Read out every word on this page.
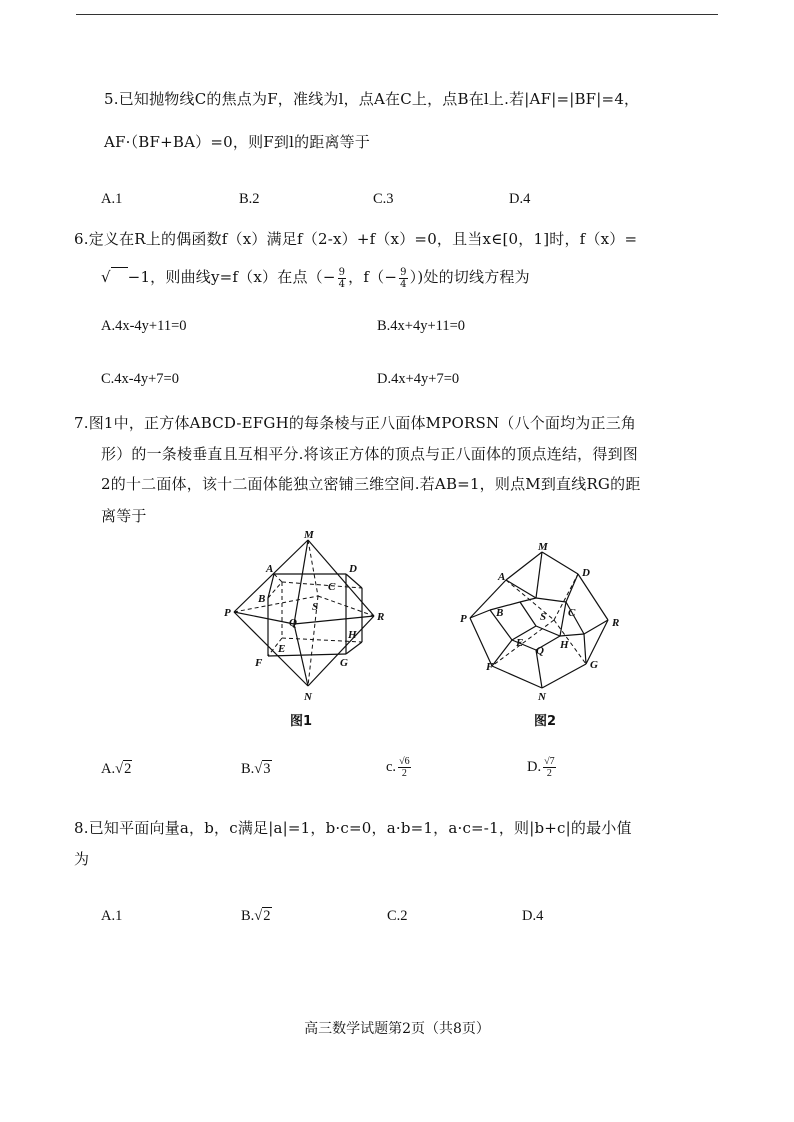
5.已知抛物线C的焦点为F，准线为l，点A在C上，点B在l上.若|AF|=|BF|=4，
AF·（BF+BA）=0，则F到l的距离等于
A.1	B.2	C.3	D.4
6.定义在R上的偶函数f（x）满足f（2-x）+f（x）=0，且当x∈[0，1]时，f（x）=
√ −1，则曲线y=f（x）在点（− $\frac{9}{4}$ ，$f(- \frac{9}{4}$ ）)处的切线方程为
A.4x-4y+11=0	B.4x+4y+11=0
C.4x-4y+7=0	D.4x+4y+7=0
7.图1中，正方体ABCD-EFGH的每条棱与正八面体MPORSN（八个面均为正三角
形）的一条棱垂直且互相平分.将该正方体的顶点与正八面体的顶点连结，得到图
2的十二面体，该十二面体能独立密铺三维空间.若AB=1，则点M到直线RG的距
离等于
M
A	D
C
B
S
P	R
Q
H
E
F	G
N
图1
M
A	D
B	S C
P	R
E
Q H
F	G
N
图2
A.√2	B.√3	c. $\frac{√6}{2}$	D. $\frac{√7}{2}$
8.已知平面向量a，b，c满足|a|=1，b·c=0，a·b=1，a·c=-1，则|b+c|的最小值
为
A.1	B.√2	C.2	D.4
高三数学试题第2页（共8页）
